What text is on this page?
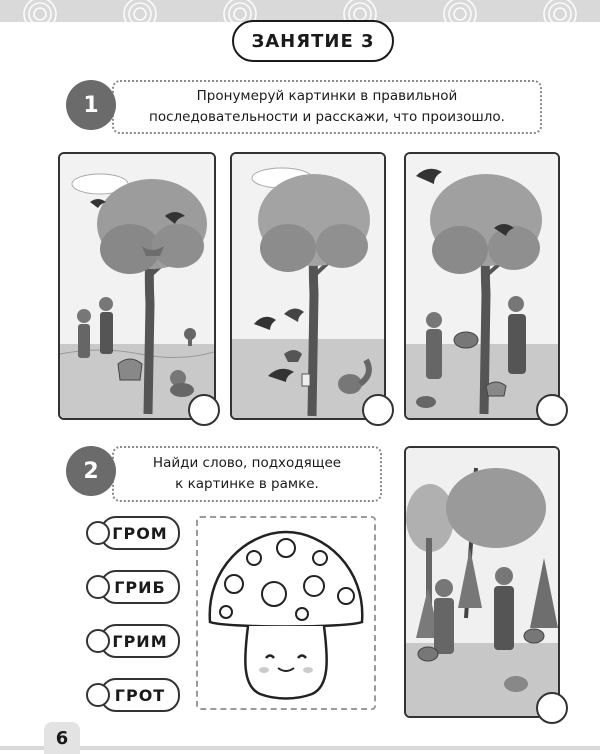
ЗАНЯТИЕ 3
Пронумеруй картинки в правильной
последовательности и расскажи, что произошло.
1
Найди слово, подходящее
к картинке в рамке.
2
ГРОМ
ГРИБ
ГРИМ
ГРОТ
6
